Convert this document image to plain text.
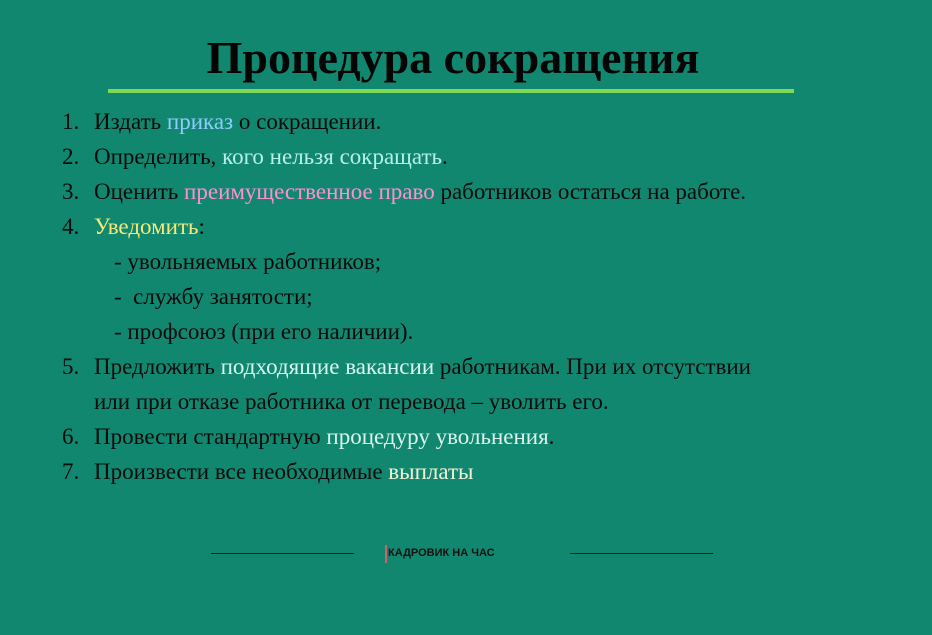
Процедура сокращения
1. Издать приказ о сокращении.
2. Определить, кого нельзя сокращать.
3. Оценить преимущественное право работников остаться на работе.
4. Уведомить:
- увольняемых работников;
-  службу занятости;
- профсоюз (при его наличии).
5. Предложить подходящие вакансии работникам. При их отсутствии
или при отказе работника от перевода – уволить его.
6. Провести стандартную процедуру увольнения.
7. Произвести все необходимые выплаты
КАДРОВИК НА ЧАС
